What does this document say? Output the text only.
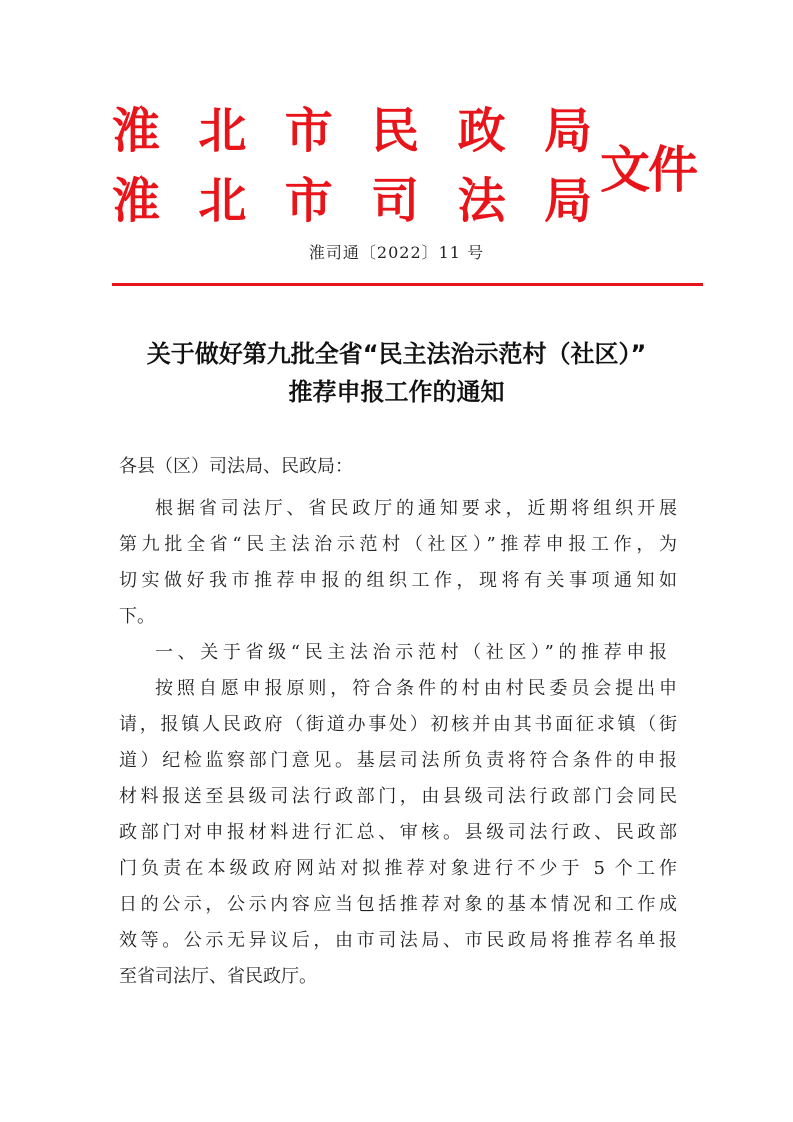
淮 北 市 民 政 局
淮 北 市 司 法 局
文件
淮司通〔2022〕11 号
关于做好第九批全省“民主法治示范村（社区）”
推荐申报工作的通知
各县（区）司法局、民政局：
根据省司法厅、省民政厅的通知要求，近期将组织开展
第九批全省“民主法治示范村（社区）”推荐申报工作，为
切实做好我市推荐申报的组织工作，现将有关事项通知如
下。
一、关于省级“民主法治示范村（社区）”的推荐申报
按照自愿申报原则，符合条件的村由村民委员会提出申
请，报镇人民政府（街道办事处）初核并由其书面征求镇（街
道）纪检监察部门意见。基层司法所负责将符合条件的申报
材料报送至县级司法行政部门，由县级司法行政部门会同民
政部门对申报材料进行汇总、审核。县级司法行政、民政部
门负责在本级政府网站对拟推荐对象进行不少于 5 个工作
日的公示，公示内容应当包括推荐对象的基本情况和工作成
效等。公示无异议后，由市司法局、市民政局将推荐名单报
至省司法厅、省民政厅。
